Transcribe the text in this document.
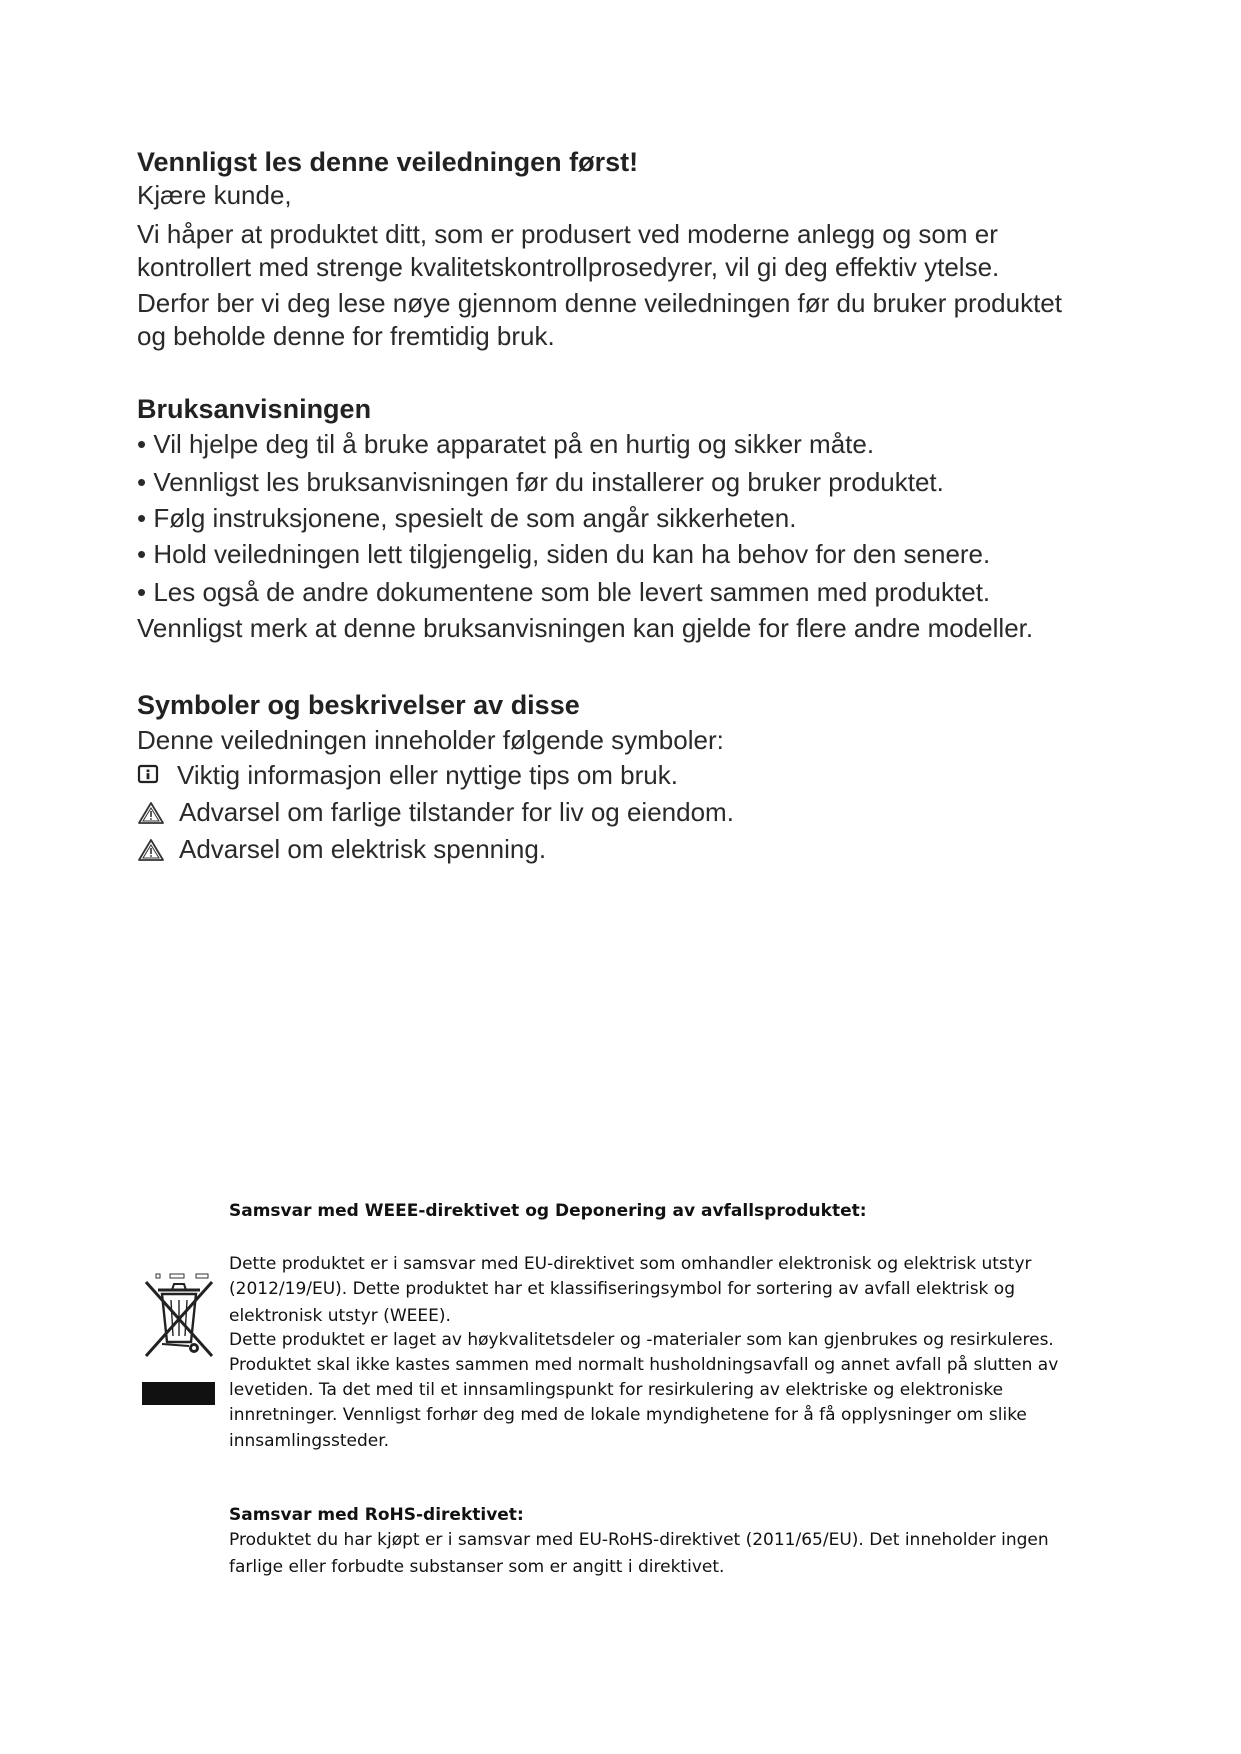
Vennligst les denne veiledningen først!
Kjære kunde,
Vi håper at produktet ditt, som er produsert ved moderne anlegg og som er
kontrollert med strenge kvalitetskontrollprosedyrer, vil gi deg effektiv ytelse.
Derfor ber vi deg lese nøye gjennom denne veiledningen før du bruker produktet
og beholde denne for fremtidig bruk.
Bruksanvisningen
• Vil hjelpe deg til å bruke apparatet på en hurtig og sikker måte.
• Vennligst les bruksanvisningen før du installerer og bruker produktet.
• Følg instruksjonene, spesielt de som angår sikkerheten.
• Hold veiledningen lett tilgjengelig, siden du kan ha behov for den senere.
• Les også de andre dokumentene som ble levert sammen med produktet.
Vennligst merk at denne bruksanvisningen kan gjelde for flere andre modeller.
Symboler og beskrivelser av disse
Denne veiledningen inneholder følgende symboler:
Viktig informasjon eller nyttige tips om bruk.
Advarsel om farlige tilstander for liv og eiendom.
Advarsel om elektrisk spenning.
Samsvar med WEEE-direktivet og Deponering av avfallsproduktet:
Dette produktet er i samsvar med EU-direktivet som omhandler elektronisk og elektrisk utstyr
(2012/19/EU). Dette produktet har et klassifiseringsymbol for sortering av avfall elektrisk og
elektronisk utstyr (WEEE).
Dette produktet er laget av høykvalitetsdeler og -materialer som kan gjenbrukes og resirkuleres.
Produktet skal ikke kastes sammen med normalt husholdningsavfall og annet avfall på slutten av
levetiden. Ta det med til et innsamlingspunkt for resirkulering av elektriske og elektroniske
innretninger. Vennligst forhør deg med de lokale myndighetene for å få opplysninger om slike
innsamlingssteder.
Samsvar med RoHS-direktivet:
Produktet du har kjøpt er i samsvar med EU-RoHS-direktivet (2011/65/EU). Det inneholder ingen
farlige eller forbudte substanser som er angitt i direktivet.
